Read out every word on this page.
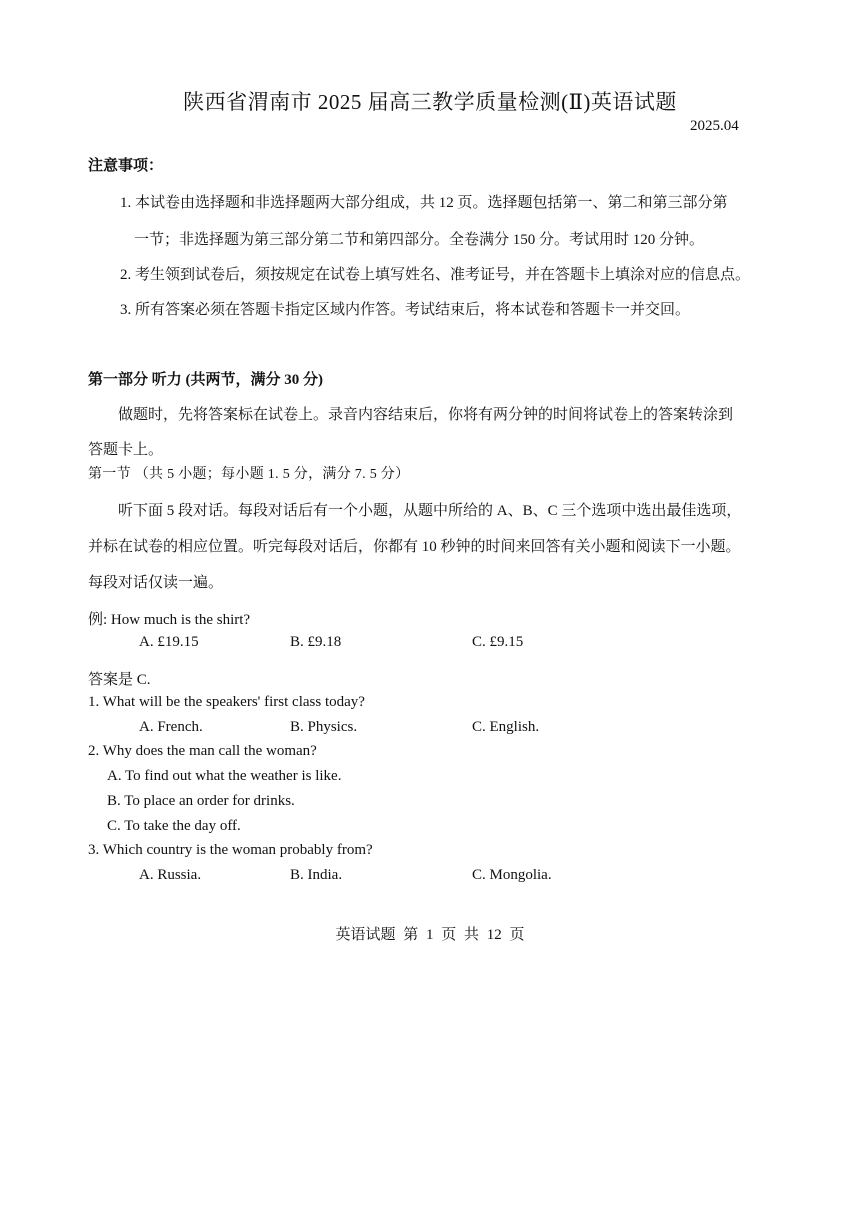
陕西省渭南市 2025 届高三教学质量检测(Ⅱ)英语试题
2025.04
注意事项：
1. 本试卷由选择题和非选择题两大部分组成，共 12 页。选择题包括第一、第二和第三部分第
一节；非选择题为第三部分第二节和第四部分。全卷满分 150 分。考试用时 120 分钟。
2. 考生领到试卷后，须按规定在试卷上填写姓名、准考证号，并在答题卡上填涂对应的信息点。
3. 所有答案必须在答题卡指定区域内作答。考试结束后，将本试卷和答题卡一并交回。
第一部分 听力 (共两节，满分 30 分)
做题时，先将答案标在试卷上。录音内容结束后，你将有两分钟的时间将试卷上的答案转涂到
答题卡上。
第一节 （共 5 小题；每小题 1. 5 分，满分 7. 5 分）
听下面 5 段对话。每段对话后有一个小题，从题中所给的 A、B、C 三个选项中选出最佳选项，
并标在试卷的相应位置。听完每段对话后，你都有 10 秒钟的时间来回答有关小题和阅读下一小题。
每段对话仅读一遍。
例: How much is the shirt?
A. £19.15	B. £9.18	C. £9.15
答案是 C.
1. What will be the speakers' first class today?
A. French.	B. Physics.	C. English.
2. Why does the man call the woman?
A. To find out what the weather is like.
B. To place an order for drinks.
C. To take the day off.
3. Which country is the woman probably from?
A. Russia.	B. India.	C. Mongolia.
英语试题 第 1 页 共 12 页
